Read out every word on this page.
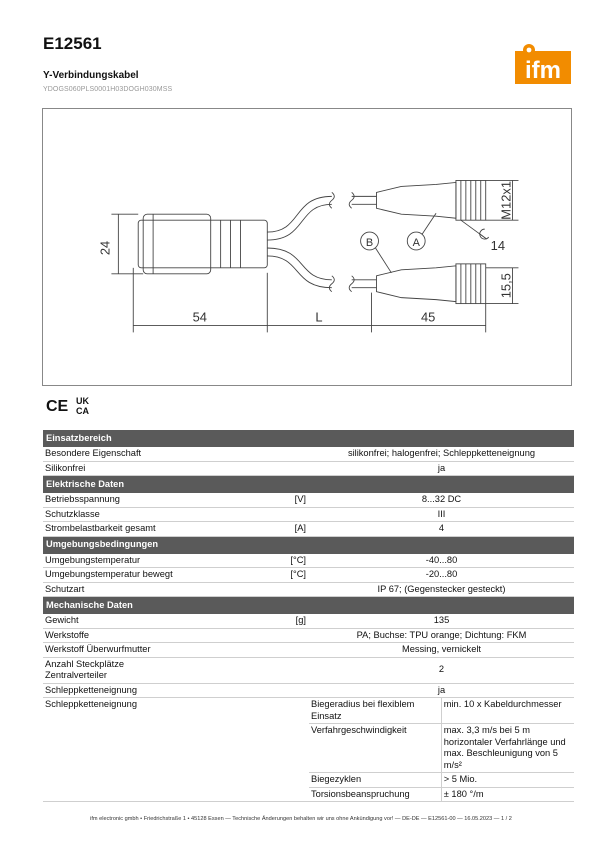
E12561
Y-Verbindungskabel
YDOGS060PLS0001H03DOGH030MSS
ifm
24
54	L	45
M12x1
14
15,5
B	A
CE UK CA
Einsatzbereich			
Besondere Eigenschaft		silikonfrei; halogenfrei; Schleppketteneignung	
Silikonfrei		ja	
Elektrische Daten			
Betriebsspannung	[V]	8...32 DC	
Schutzklasse		III	
Strombelastbarkeit gesamt	[A]	4	
Umgebungsbedingungen			
Umgebungstemperatur	[°C]	-40...80	
Umgebungstemperatur bewegt	[°C]	-20...80	
Schutzart		IP 67; (Gegenstecker gesteckt)	
Mechanische Daten			
Gewicht	[g]	135	
Werkstoffe		PA; Buchse: TPU orange; Dichtung: FKM	
Werkstoff Überwurfmutter		Messing, vernickelt	
Anzahl Steckplätze Zentralverteiler		2	
Schleppketteneignung		ja	
Schleppketteneignung		Biegeradius bei flexiblem Einsatz	min. 10 x Kabeldurchmesser
		Verfahrgeschwindigkeit	max. 3,3 m/s bei 5 m horizontaler Verfahrlänge und max. Beschleunigung von 5 m/s²
		Biegezyklen	> 5 Mio.
		Torsionsbeanspruchung	± 180 °/m
ifm electronic gmbh • Friedrichstraße 1 • 45128 Essen — Technische Änderungen behalten wir uns ohne Ankündigung vor! — DE-DE — E12561-00 — 16.05.2023 — 1 / 2
